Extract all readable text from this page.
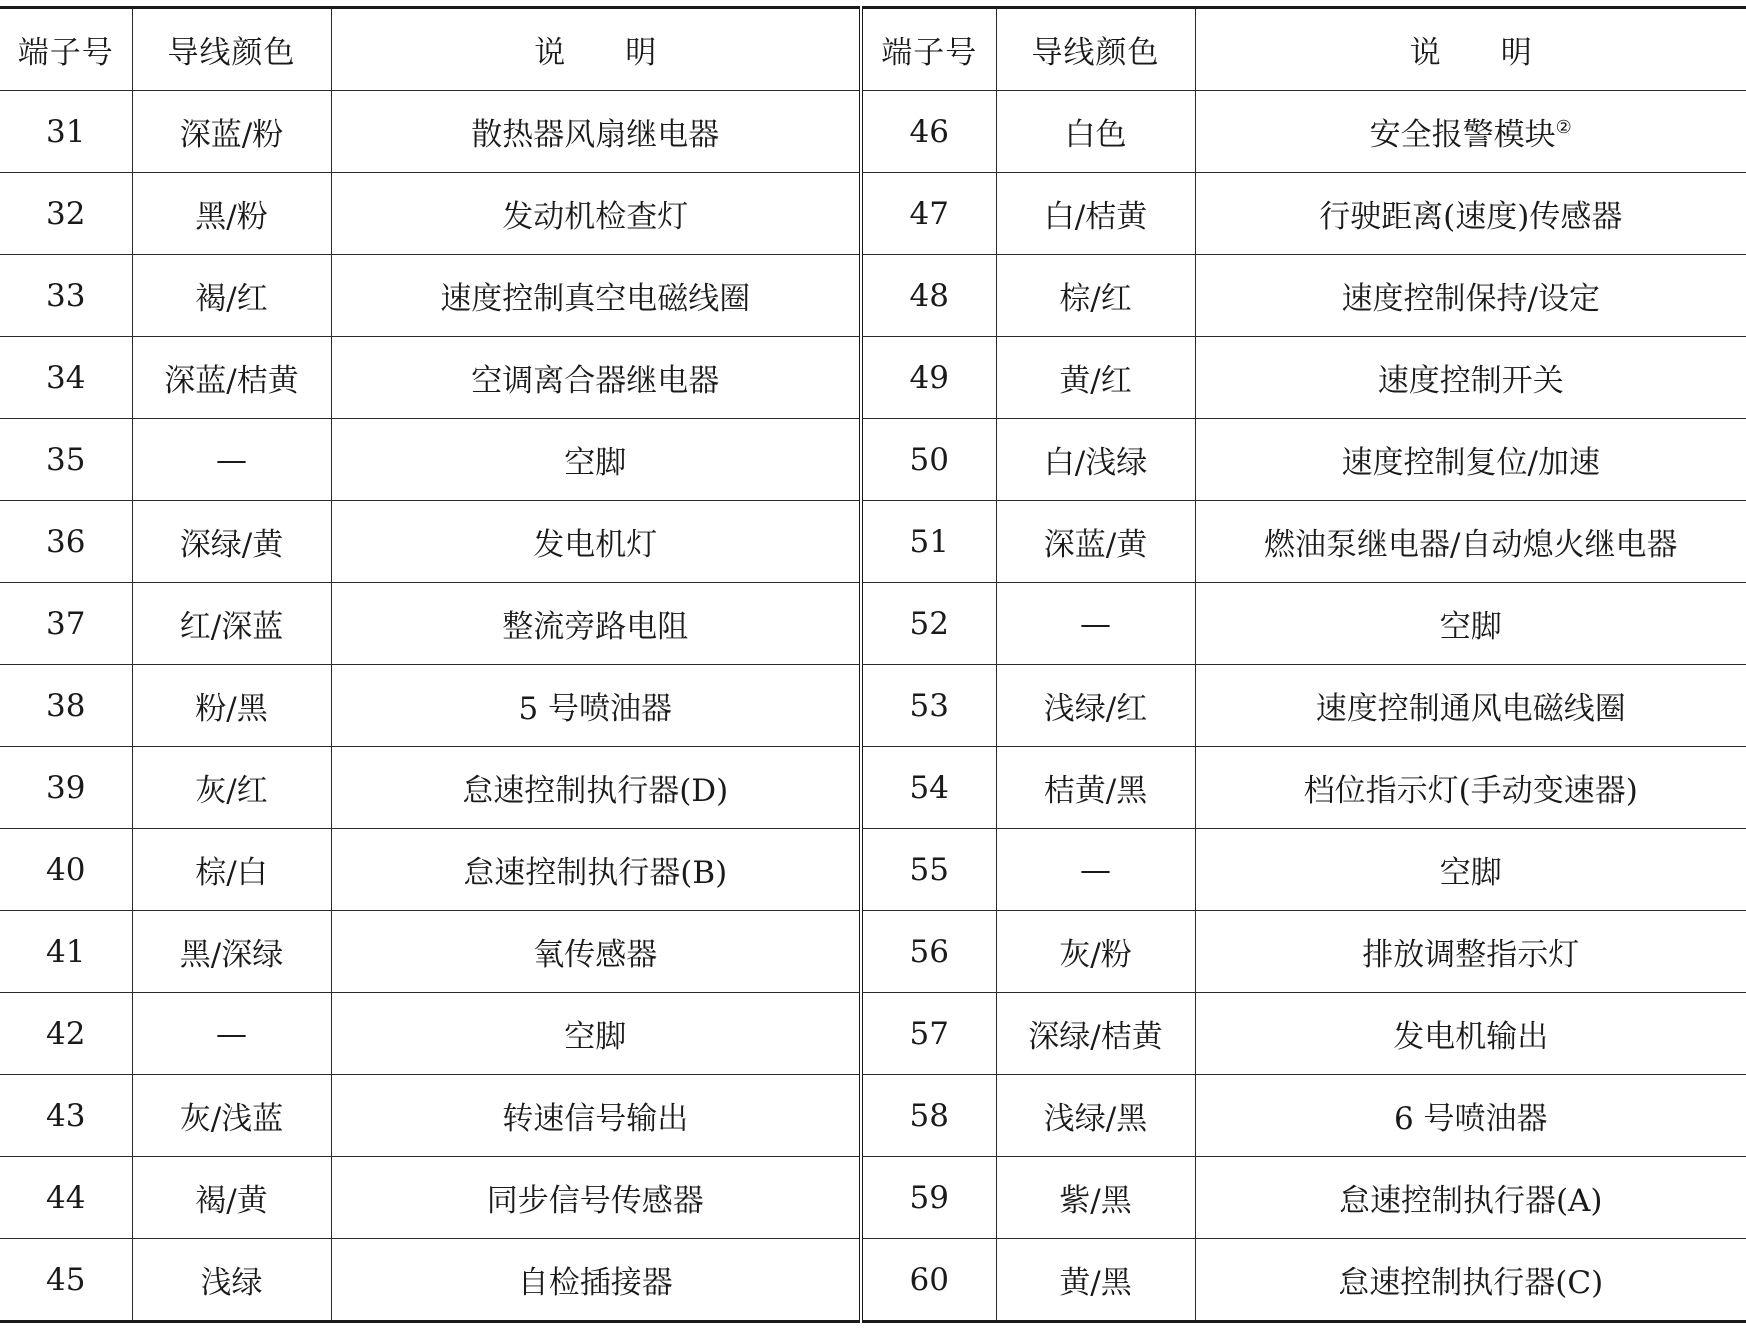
端子号	导线颜色	说明	端子号	导线颜色	说明
31	深蓝/粉	散热器风扇继电器	46	白色	安全报警模块②
32	黑/粉	发动机检查灯	47	白/桔黄	行驶距离(速度)传感器
33	褐/红	速度控制真空电磁线圈	48	棕/红	速度控制保持/设定
34	深蓝/桔黄	空调离合器继电器	49	黄/红	速度控制开关
35	—	空脚	50	白/浅绿	速度控制复位/加速
36	深绿/黄	发电机灯	51	深蓝/黄	燃油泵继电器/自动熄火继电器
37	红/深蓝	整流旁路电阻	52	—	空脚
38	粉/黑	5 号喷油器	53	浅绿/红	速度控制通风电磁线圈
39	灰/红	怠速控制执行器(D)	54	桔黄/黑	档位指示灯(手动变速器)
40	棕/白	怠速控制执行器(B)	55	—	空脚
41	黑/深绿	氧传感器	56	灰/粉	排放调整指示灯
42	—	空脚	57	深绿/桔黄	发电机输出
43	灰/浅蓝	转速信号输出	58	浅绿/黑	6 号喷油器
44	褐/黄	同步信号传感器	59	紫/黑	怠速控制执行器(A)
45	浅绿	自检插接器	60	黄/黑	怠速控制执行器(C)
